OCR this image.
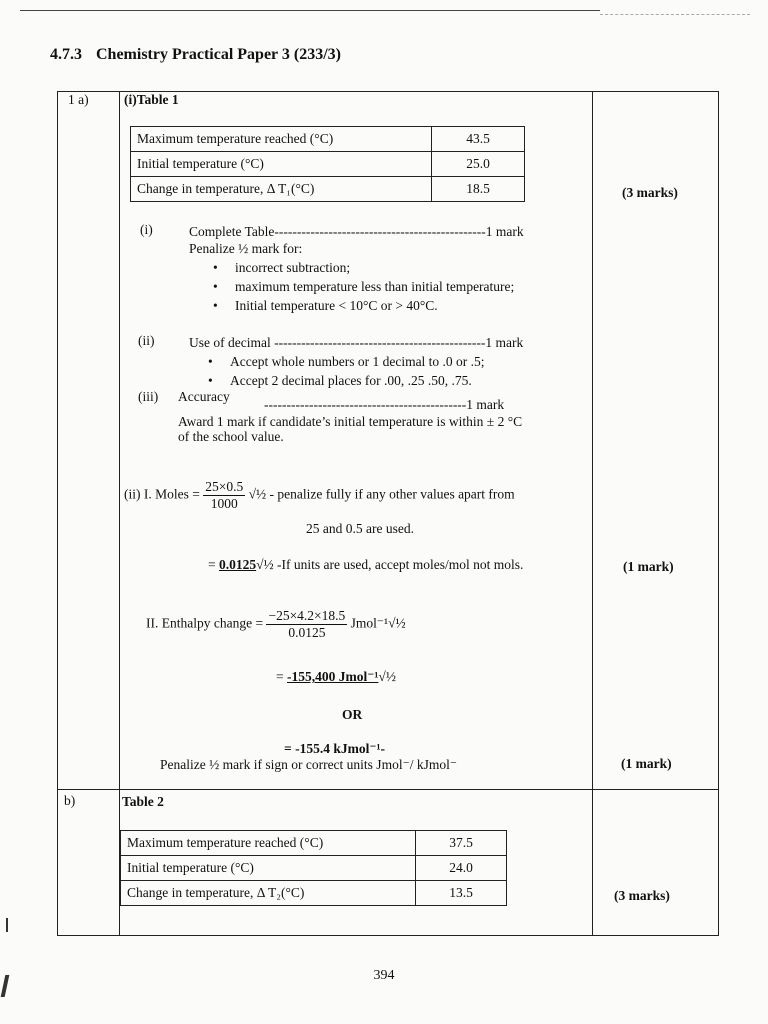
4.7.3 Chemistry Practical Paper 3 (233/3)
1 a)	(i)Table 1
Maximum temperature reached (°C)	43.5
Initial temperature (°C)	25.0
Change in temperature, Δ T₁(°C)	18.5	(3 marks)
(i)	Complete Table-----------------------------------------------1 mark
Penalize ½ mark for:
• incorrect subtraction;
• maximum temperature less than initial temperature;
• Initial temperature < 10°C or > 40°C.
(ii)	Use of decimal -----------------------------------------------1 mark
• Accept whole numbers or 1 decimal to .0 or .5;
• Accept 2 decimal places for .00, .25 .50, .75.
(iii) Accuracy
---------------------------------------------1 mark
Award 1 mark if candidate’s initial temperature is within ± 2 °C
of the school value.
(ii) I. Moles = $\frac{25\times 0.5}{1000}$ √½ - penalize fully if any other values apart from
25 and 0.5 are used.
= 0.0125√½ -If units are used, accept moles/mol not mols.	(1 mark)
II. Enthalpy change = $\frac{-25\times 4.2\times 18.5}{0.0125}$ Jmol⁻¹√½
= -155,400 Jmol⁻¹√½
OR
= -155.4 kJmol⁻¹-
Penalize ½ mark if sign or correct units Jmol⁻/ kJmol⁻	(1 mark)
b)	Table 2
Maximum temperature reached (°C)	37.5
Initial temperature (°C)	24.0
Change in temperature, Δ T₂(°C)	13.5	(3 marks)
394
